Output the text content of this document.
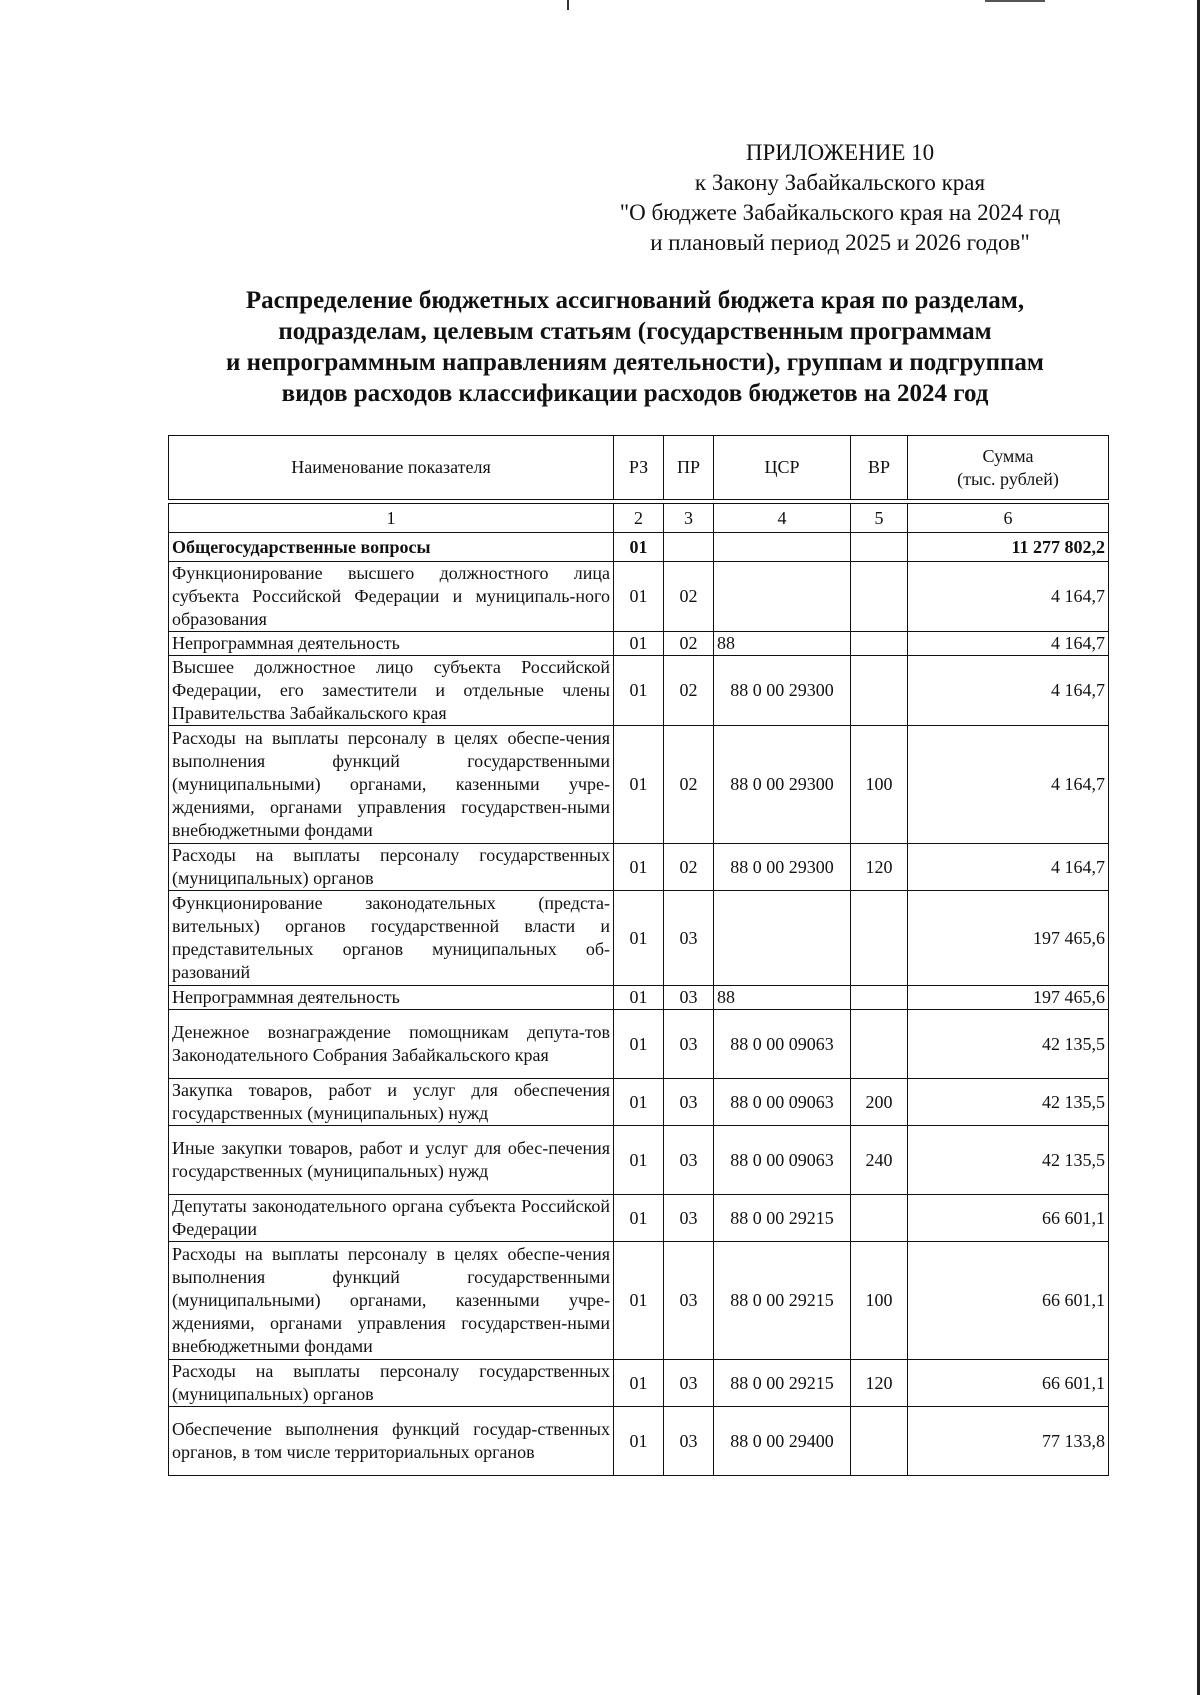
ПРИЛОЖЕНИЕ 10
к Закону Забайкальского края
"О бюджете Забайкальского края на 2024 год
и плановый период 2025 и 2026 годов"
Распределение бюджетных ассигнований бюджета края по разделам,
подразделам, целевым статьям (государственным программам
и непрограммным направлениям деятельности), группам и подгруппам
видов расходов классификации расходов бюджетов на 2024 год
Наименование показателя	РЗ	ПР	ЦСР	ВР	Сумма
(тыс. рублей)

1	2	3	4	5	6
Общегосударственные вопросы	01				11 277 802,2
Функционирование высшего должностного лица субъекта Российской Федерации и муниципаль-ного образования	01	02			4 164,7
Непрограммная деятельность	01	02	88		4 164,7
Высшее должностное лицо субъекта Российской Федерации, его заместители и отдельные члены Правительства Забайкальского края	01	02	88 0 00 29300		4 164,7
Расходы на выплаты персоналу в целях обеспе-чения выполнения функций государственными (муниципальными) органами, казенными учре-ждениями, органами управления государствен-ными внебюджетными фондами	01	02	88 0 00 29300	100	4 164,7
Расходы на выплаты персоналу государственных (муниципальных) органов	01	02	88 0 00 29300	120	4 164,7
Функционирование законодательных (предста-вительных) органов государственной власти и представительных органов муниципальных об-разований	01	03			197 465,6
Непрограммная деятельность	01	03	88		197 465,6
Денежное вознаграждение помощникам депута-тов Законодательного Собрания Забайкальского края	01	03	88 0 00 09063		42 135,5
Закупка товаров, работ и услуг для обеспечения государственных (муниципальных) нужд	01	03	88 0 00 09063	200	42 135,5
Иные закупки товаров, работ и услуг для обес-печения государственных (муниципальных) нужд	01	03	88 0 00 09063	240	42 135,5
Депутаты законодательного органа субъекта Российской Федерации	01	03	88 0 00 29215		66 601,1
Расходы на выплаты персоналу в целях обеспе-чения выполнения функций государственными (муниципальными) органами, казенными учре-ждениями, органами управления государствен-ными внебюджетными фондами	01	03	88 0 00 29215	100	66 601,1
Расходы на выплаты персоналу государственных (муниципальных) органов	01	03	88 0 00 29215	120	66 601,1
Обеспечение выполнения функций государ-ственных органов, в том числе территориальных органов	01	03	88 0 00 29400		77 133,8
